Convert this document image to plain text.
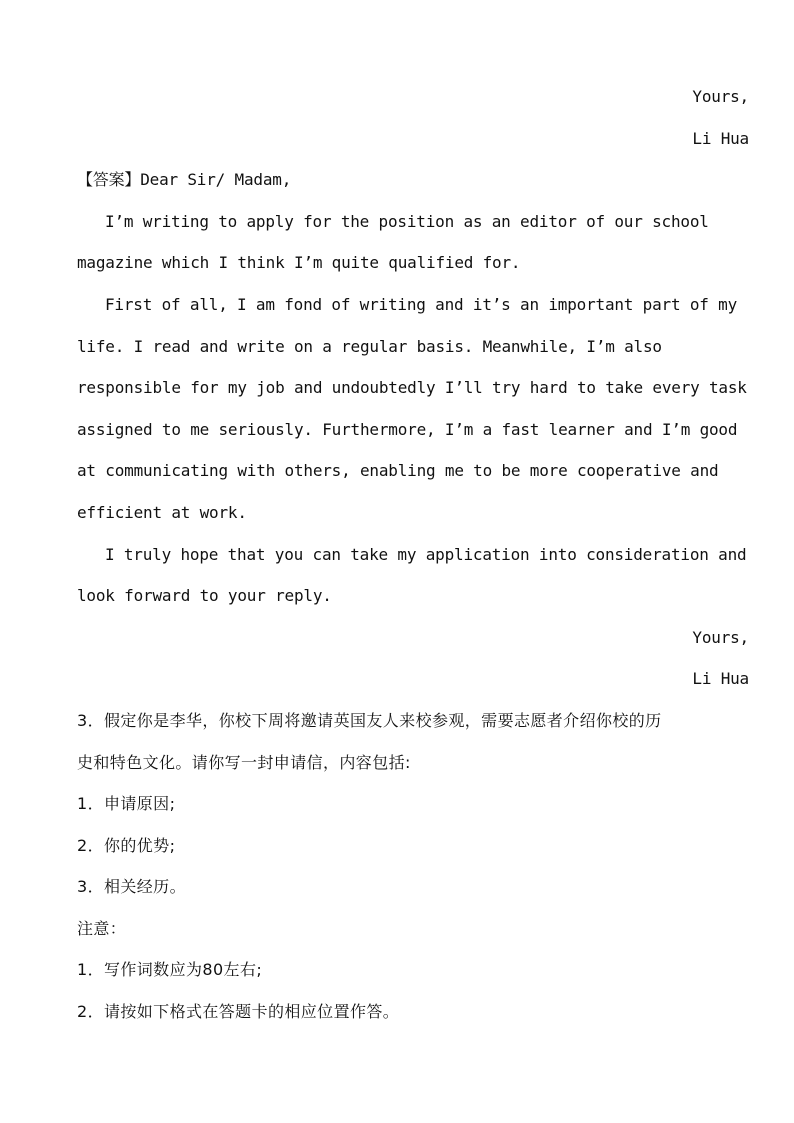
Yours,
Li Hua
【答案】Dear Sir/ Madam,
I’m writing to apply for the position as an editor of our school
magazine which I think I’m quite qualified for.
First of all, I am fond of writing and it’s an important part of my
life. I read and write on a regular basis. Meanwhile, I’m also
responsible for my job and undoubtedly I’ll try hard to take every task
assigned to me seriously. Furthermore, I’m a fast learner and I’m good
at communicating with others, enabling me to be more cooperative and
efficient at work.
I truly hope that you can take my application into consideration and
look forward to your reply.
Yours,
Li Hua
3．假定你是李华，你校下周将邀请英国友人来校参观，需要志愿者介绍你校的历
史和特色文化。请你写一封申请信，内容包括:
1．申请原因;
2．你的优势;
3．相关经历。
注意：
1．写作词数应为80左右;
2．请按如下格式在答题卡的相应位置作答。
